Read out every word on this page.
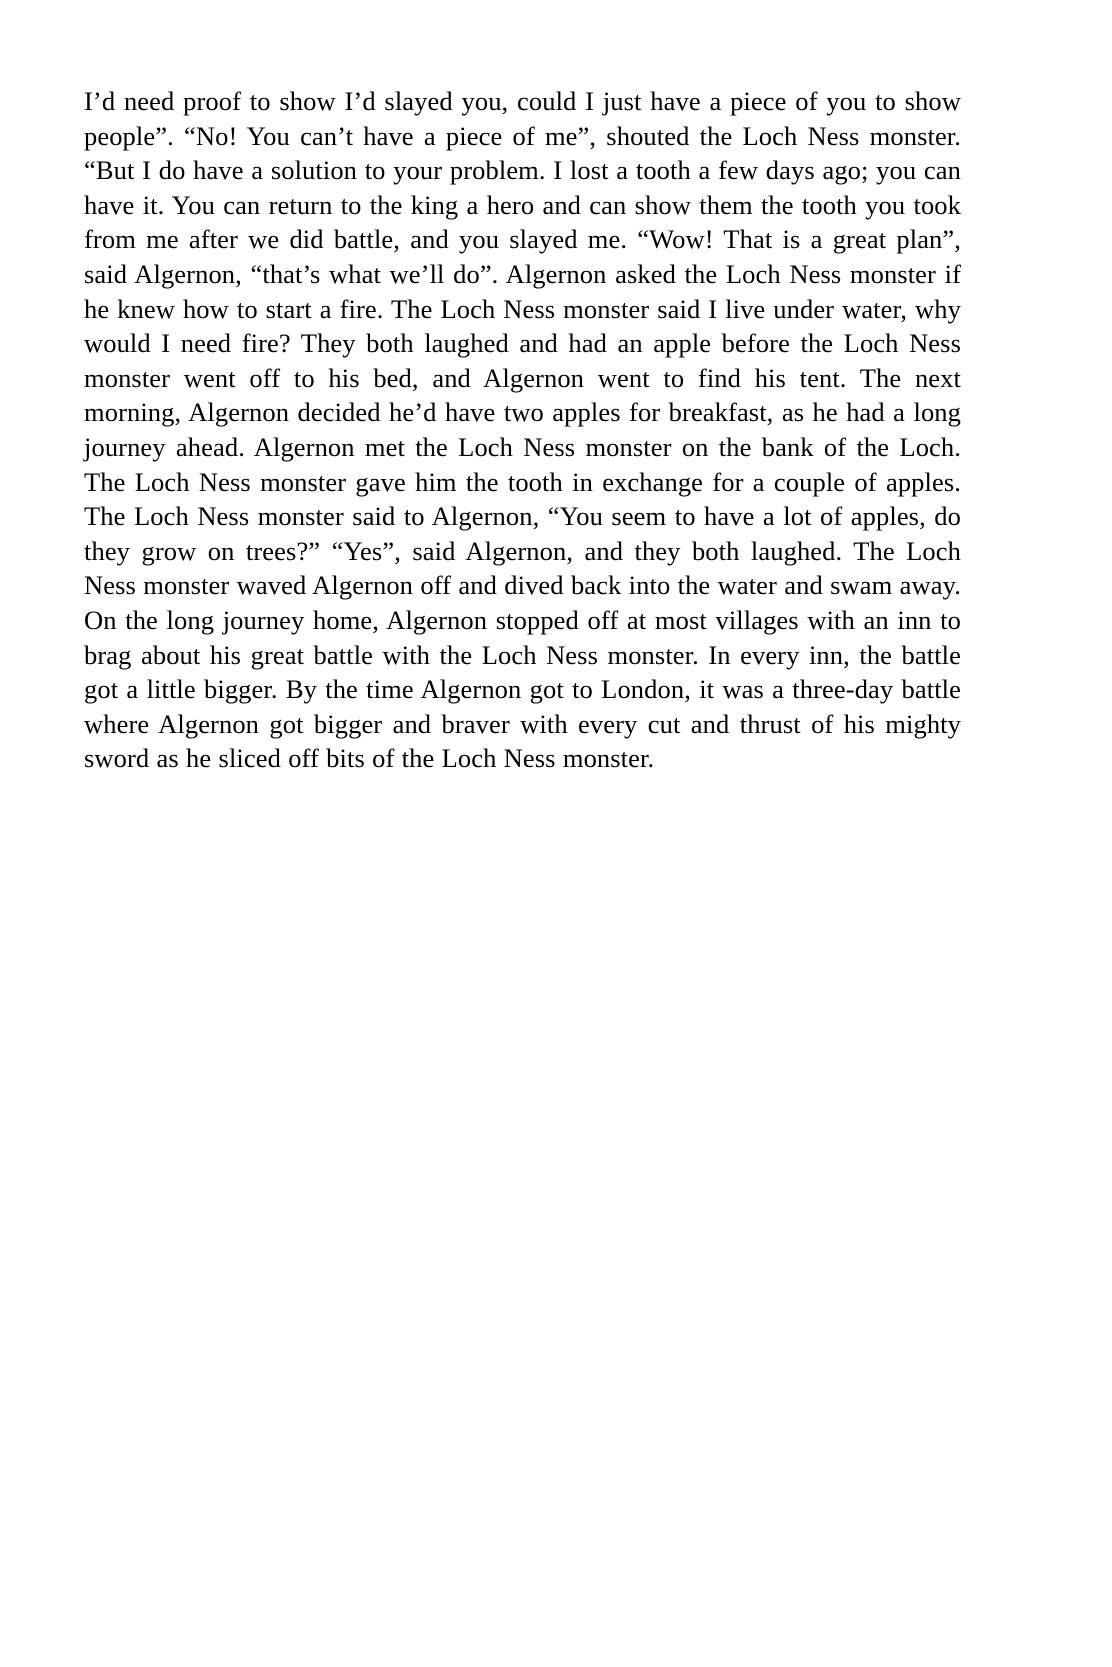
I’d need proof to show I’d slayed you, could I just have a piece of you to show people”. “No! You can’t have a piece of me”, shouted the Loch Ness monster. “But I do have a solution to your problem. I lost a tooth a few days ago; you can have it. You can return to the king a hero and can show them the tooth you took from me after we did battle, and you slayed me. “Wow! That is a great plan”, said Algernon, “that’s what we’ll do”. Algernon asked the Loch Ness monster if he knew how to start a fire. The Loch Ness monster said I live under water, why would I need fire? They both laughed and had an apple before the Loch Ness monster went off to his bed, and Algernon went to find his tent. The next morning, Algernon decided he’d have two apples for breakfast, as he had a long journey ahead. Algernon met the Loch Ness monster on the bank of the Loch. The Loch Ness monster gave him the tooth in exchange for a couple of apples. The Loch Ness monster said to Algernon, “You seem to have a lot of apples, do they grow on trees?” “Yes”, said Algernon, and they both laughed. The Loch Ness monster waved Algernon off and dived back into the water and swam away. On the long journey home, Algernon stopped off at most villages with an inn to brag about his great battle with the Loch Ness monster. In every inn, the battle got a little bigger. By the time Algernon got to London, it was a three-day battle where Algernon got bigger and braver with every cut and thrust of his mighty sword as he sliced off bits of the Loch Ness monster.
